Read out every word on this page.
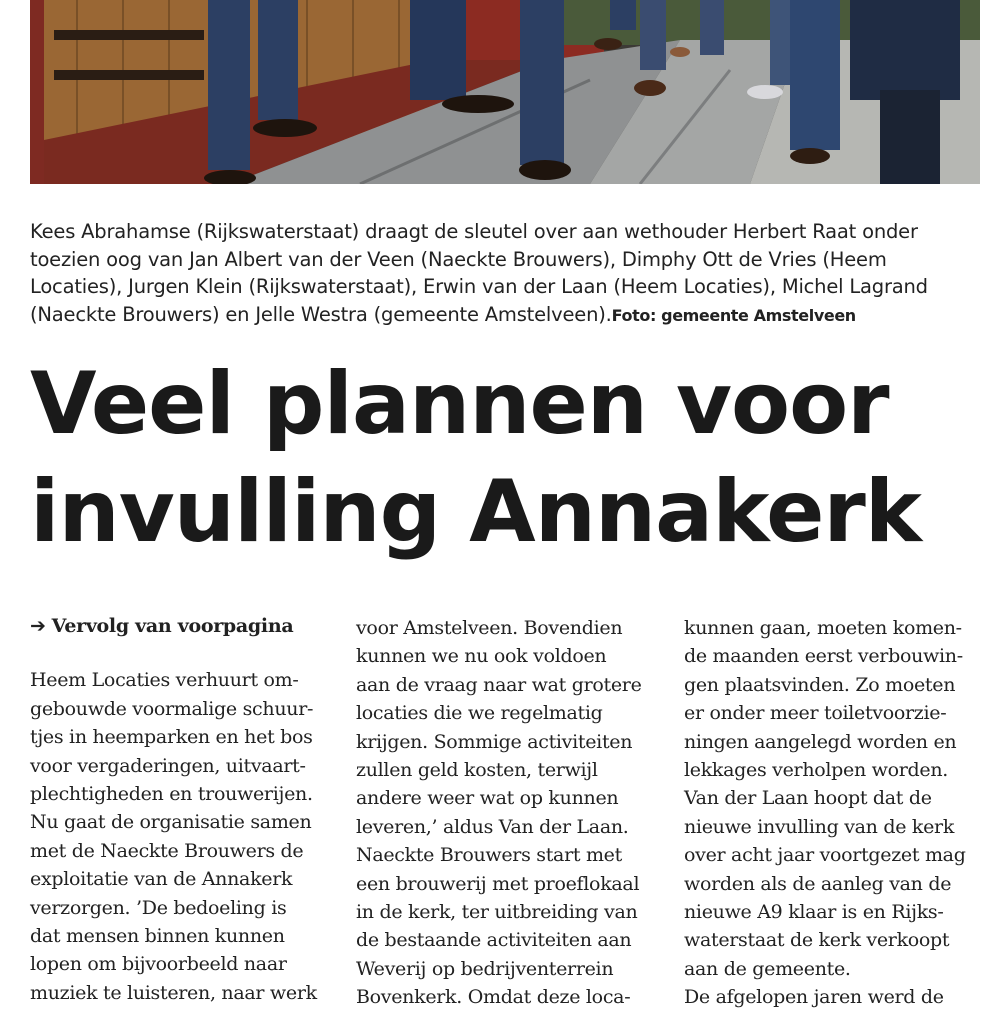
Kees Abrahamse (Rijkswaterstaat) draagt de sleutel over aan wethouder Herbert Raat onder toezien oog van Jan Albert van der Veen (Naeckte Brouwers), Dimphy Ott de Vries (Heem Locaties), Jurgen Klein (Rijkswaterstaat), Erwin van der Laan (Heem Locaties), Michel Lagrand (Naeckte Brouwers) en Jelle Westra (gemeente Amstelveen).Foto: gemeente Amstelveen
Veel plannen voor
invulling Annakerk

➔ Vervolg van voorpagina

Heem Locaties verhuurt om-
gebouwde voormalige schuur-
tjes in heemparken en het bos
voor vergaderingen, uitvaart-
plechtigheden en trouwerijen.
Nu gaat de organisatie samen
met de Naeckte Brouwers de
exploitatie van de Annakerk
verzorgen. ’De bedoeling is
dat mensen binnen kunnen
lopen om bijvoorbeeld naar
muziek te luisteren, naar werk

voor Amstelveen. Bovendien
kunnen we nu ook voldoen
aan de vraag naar wat grotere
locaties die we regelmatig
krijgen. Sommige activiteiten
zullen geld kosten, terwijl
andere weer wat op kunnen
leveren,’ aldus Van der Laan.
Naeckte Brouwers start met
een brouwerij met proeflokaal
in de kerk, ter uitbreiding van
de bestaande activiteiten aan
Weverij op bedrijventerrein
Bovenkerk. Omdat deze loca-

kunnen gaan, moeten komen-
de maanden eerst verbouwin-
gen plaatsvinden. Zo moeten
er onder meer toiletvoorzie-
ningen aangelegd worden en
lekkages verholpen worden.
Van der Laan hoopt dat de
nieuwe invulling van de kerk
over acht jaar voortgezet mag
worden als de aanleg van de
nieuwe A9 klaar is en Rijks-
waterstaat de kerk verkoopt
aan de gemeente.
De afgelopen jaren werd de
